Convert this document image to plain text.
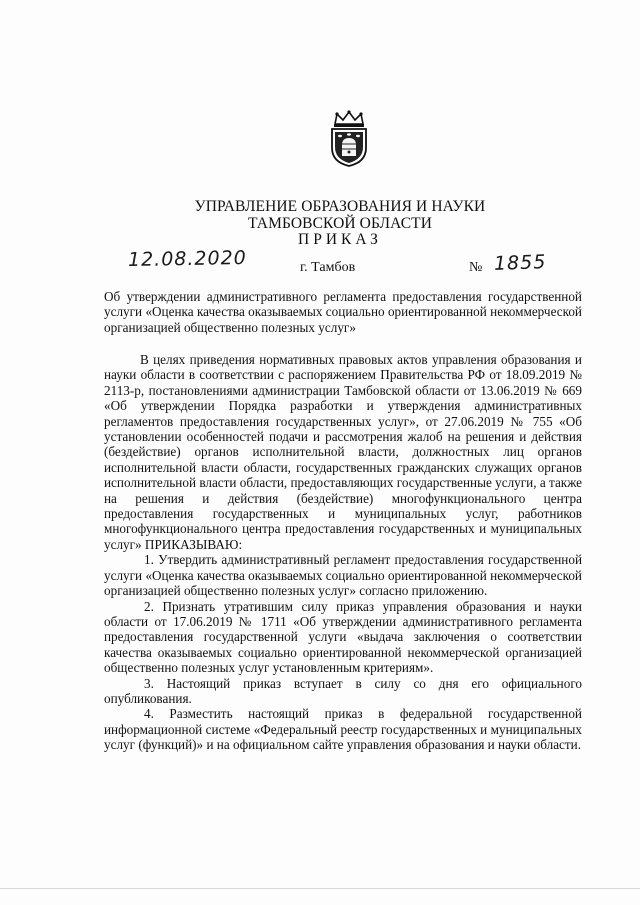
УПРАВЛЕНИЕ ОБРАЗОВАНИЯ И НАУКИ
ТАМБОВСКОЙ ОБЛАСТИ
ПРИКАЗ
12.08.2020	г. Тамбов	№ 1855
Об утверждении административного регламента предоставления государственной услуги «Оценка качества оказываемых социально ориентированной некоммерческой организацией общественно полезных услуг»

В целях приведения нормативных правовых актов управления образования и науки области в соответствии с распоряжением Правительства РФ от 18.09.2019 № 2113-р, постановлениями администрации Тамбовской области от 13.06.2019 № 669 «Об утверждении Порядка разработки и утверждения административных регламентов предоставления государственных услуг», от 27.06.2019 № 755 «Об установлении особенностей подачи и рассмотрения жалоб на решения и действия (бездействие) органов исполнительной власти, должностных лиц органов исполнительной власти области, государственных гражданских служащих органов исполнительной власти области, предоставляющих государственные услуги, а также на решения и действия (бездействие) многофункционального центра предоставления государственных и муниципальных услуг, работников многофункционального центра предоставления государственных и муниципальных услуг» ПРИКАЗЫВАЮ:

1. Утвердить административный регламент предоставления государственной услуги «Оценка качества оказываемых социально ориентированной некоммерческой организацией общественно полезных услуг» согласно приложению.

2. Признать утратившим силу приказ управления образования и науки области от 17.06.2019 № 1711 «Об утверждении административного регламента предоставления государственной услуги «выдача заключения о соответствии качества оказываемых социально ориентированной некоммерческой организацией общественно полезных услуг установленным критериям».

3. Настоящий приказ вступает в силу со дня его официального опубликования.

4. Разместить настоящий приказ в федеральной государственной информационной системе «Федеральный реестр государственных и муниципальных услуг (функций)» и на официальном сайте управления образования и науки области.
